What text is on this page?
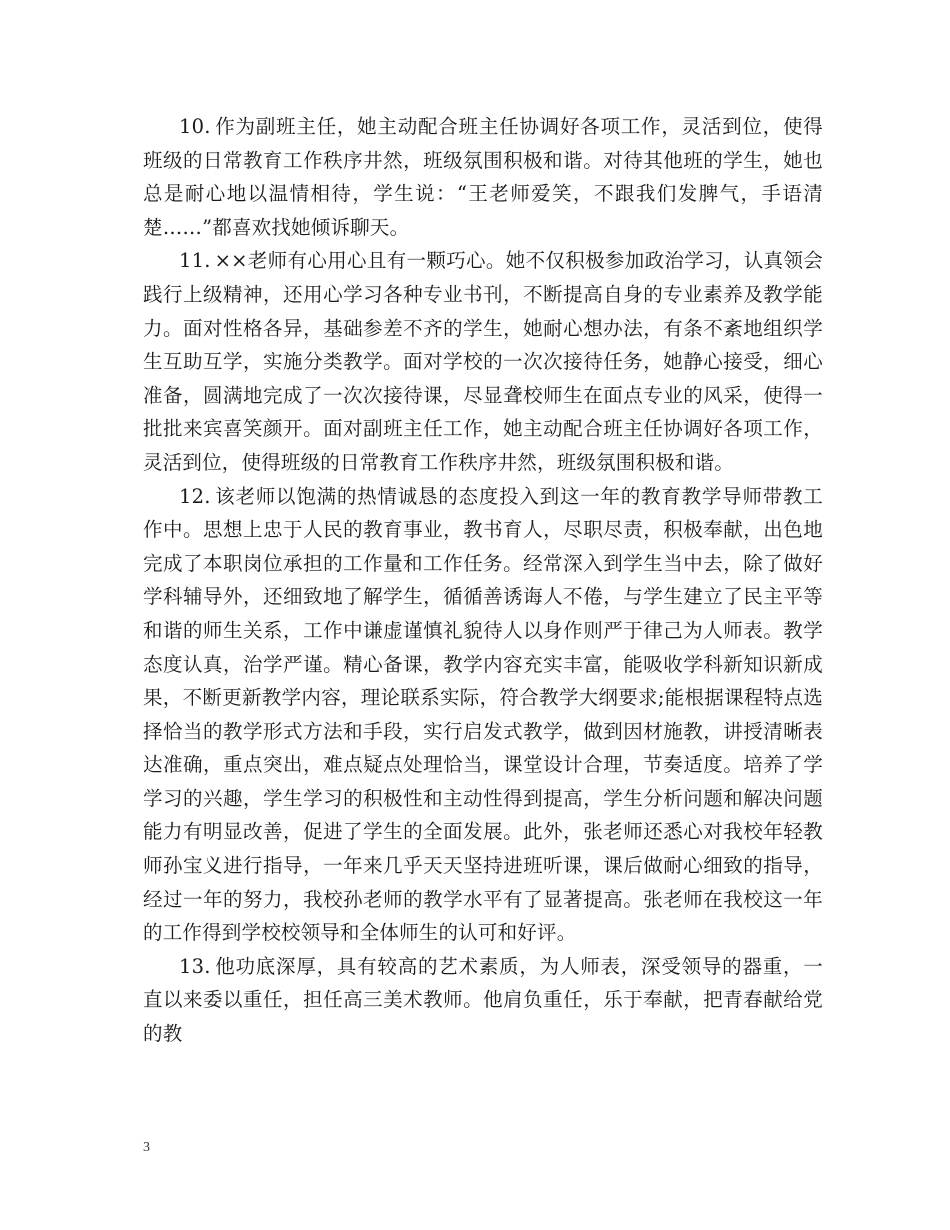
10. 作为副班主任，她主动配合班主任协调好各项工作，灵活到位，使得班级的日常教育工作秩序井然，班级氛围积极和谐。对待其他班的学生，她也总是耐心地以温情相待，学生说：“王老师爱笑，不跟我们发脾气，手语清楚……”都喜欢找她倾诉聊天。

11. ××老师有心用心且有一颗巧心。她不仅积极参加政治学习，认真领会践行上级精神，还用心学习各种专业书刊，不断提高自身的专业素养及教学能力。面对性格各异，基础参差不齐的学生，她耐心想办法，有条不紊地组织学生互助互学，实施分类教学。面对学校的一次次接待任务，她静心接受，细心准备，圆满地完成了一次次接待课，尽显聋校师生在面点专业的风采，使得一批批来宾喜笑颜开。面对副班主任工作，她主动配合班主任协调好各项工作，灵活到位，使得班级的日常教育工作秩序井然，班级氛围积极和谐。

12. 该老师以饱满的热情诚恳的态度投入到这一年的教育教学导师带教工作中。思想上忠于人民的教育事业，教书育人，尽职尽责，积极奉献，出色地完成了本职岗位承担的工作量和工作任务。经常深入到学生当中去，除了做好学科辅导外，还细致地了解学生，循循善诱诲人不倦，与学生建立了民主平等和谐的师生关系，工作中谦虚谨慎礼貌待人以身作则严于律己为人师表。教学态度认真，治学严谨。精心备课，教学内容充实丰富，能吸收学科新知识新成果，不断更新教学内容，理论联系实际，符合教学大纲要求;能根据课程特点选择恰当的教学形式方法和手段，实行启发式教学，做到因材施教，讲授清晰表达准确，重点突出，难点疑点处理恰当，课堂设计合理，节奏适度。培养了学学习的兴趣，学生学习的积极性和主动性得到提高，学生分析问题和解决问题能力有明显改善，促进了学生的全面发展。此外，张老师还悉心对我校年轻教师孙宝义进行指导，一年来几乎天天坚持进班听课，课后做耐心细致的指导，经过一年的努力，我校孙老师的教学水平有了显著提高。张老师在我校这一年的工作得到学校校领导和全体师生的认可和好评。

13. 他功底深厚，具有较高的艺术素质，为人师表，深受领导的器重，一直以来委以重任，担任高三美术教师。他肩负重任，乐于奉献，把青春献给党的教

3
